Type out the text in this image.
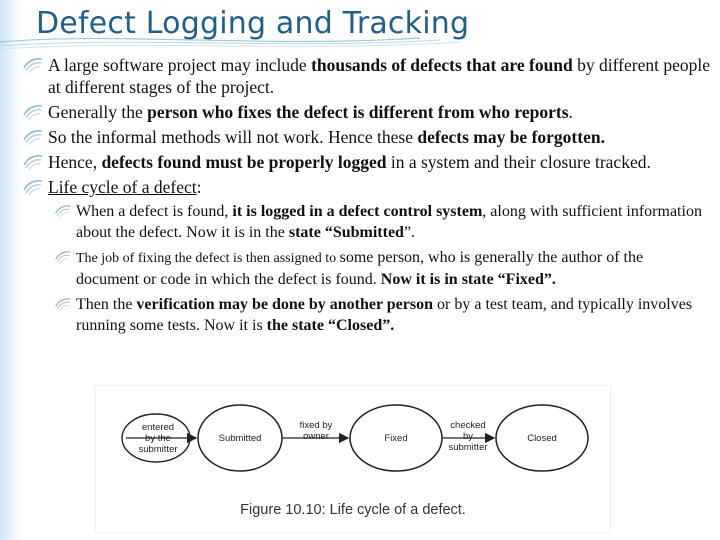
Defect Logging and Tracking
A large software project may include thousands of defects that are found by different people at different stages of the project.
Generally the person who fixes the defect is different from who reports.
So the informal methods will not work. Hence these defects may be forgotten.
Hence, defects found must be properly logged in a system and their closure tracked.
Life cycle of a defect:
When a defect is found, it is logged in a defect control system, along with sufficient information about the defect. Now it is in the state “Submitted”.
The job of fixing the defect is then assigned to some person, who is generally the author of the document or code in which the defect is found. Now it is in state “Fixed”.
Then the verification may be done by another person or by a test team, and typically involves running some tests. Now it is the state “Closed”.
entered
by the
submitter
Submitted
fixed by
owner	Fixed
checked
by
submitter
Closed
Figure 10.10: Life cycle of a defect.
